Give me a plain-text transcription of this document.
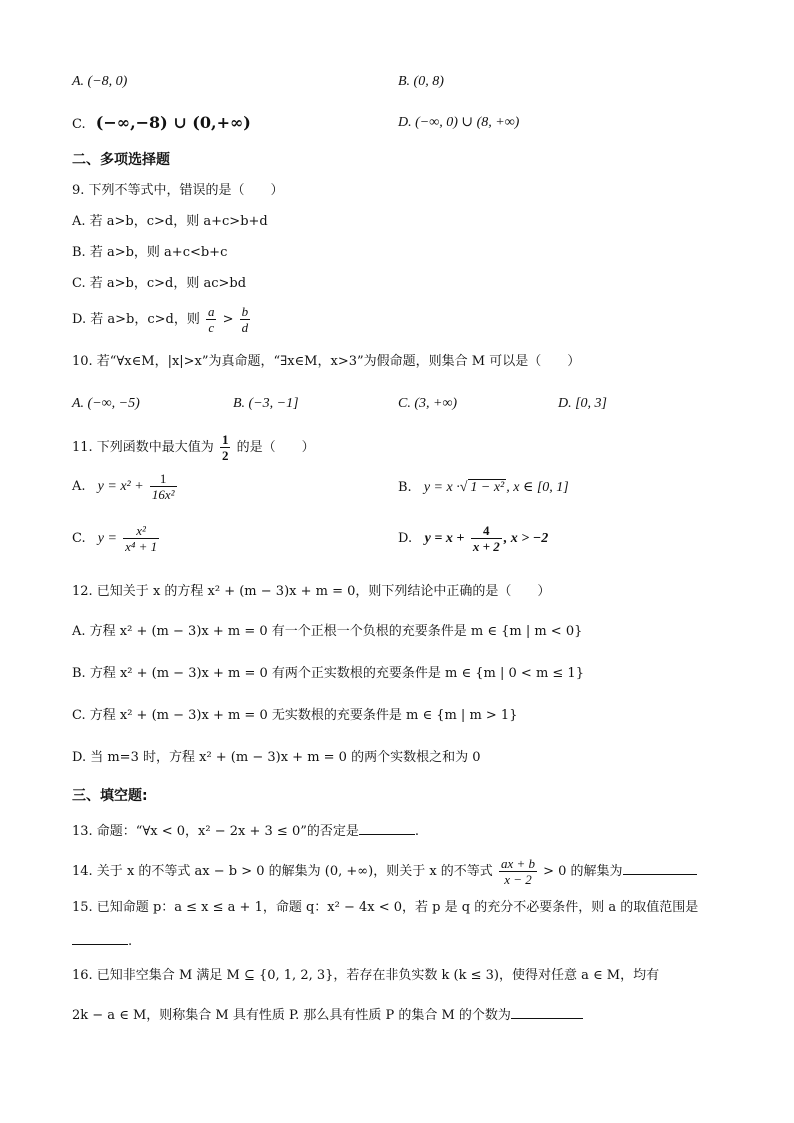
A. (−8, 0)	B. (0, 8)
C. (−∞,−8) ∪ (0,+∞)	D. (−∞, 0) ∪ (8, +∞)
二、多项选择题
9. 下列不等式中，错误的是（　　）
A. 若 a>b，c>d，则 a+c>b+d
B. 若 a>b，则 a+c<b+c
C. 若 a>b，c>d，则 ac>bd
D. 若 a>b，c>d，则 $\frac{a}{c} > \frac{b}{d}$
10. 若“∀x∈M，|x|>x”为真命题，“∃x∈M，x>3”为假命题，则集合 M 可以是（　　）
A. (−∞, −5)	B. (−3, −1]	C. (3, +∞)	D. [0, 3]
11. 下列函数中最大值为 $\frac{1}{2}$ 的是（　　）
A. $y = x^2 + \frac{1}{\text{16x²}}$	B. y = x ·√ 1 − x² , x ∈ [0, 1]
C. $y = \frac{\text{x²}}{\text{x⁴ + 1}}$	D. $y = x + \frac{4}{x + 2}$ , x > −2
12. 已知关于 x 的方程 x² + (m − 3)x + m = 0，则下列结论中正确的是（　　）
A. 方程 x² + (m − 3)x + m = 0 有一个正根一个负根的充要条件是 m ∈ {m | m < 0}
B. 方程 x² + (m − 3)x + m = 0 有两个正实数根的充要条件是 m ∈ {m | 0 < m ≤ 1}
C. 方程 x² + (m − 3)x + m = 0 无实数根的充要条件是 m ∈ {m | m > 1}
D. 当 m=3 时，方程 x² + (m − 3)x + m = 0 的两个实数根之和为 0
三、填空题:
13. 命题：“∀x < 0，x² − 2x + 3 ≤ 0”的否定是	.
14. 关于 x 的不等式 ax − b > 0 的解集为 (0, +∞)，则关于 x 的不等式 $\frac{ax + b}{x - 2} > 0$ 的解集为
15. 已知命题 p：a ≤ x ≤ a + 1，命题 q：x² − 4x < 0，若 p 是 q 的充分不必要条件，则 a 的取值范围是
.
16. 已知非空集合 M 满足 M ⊆ {0, 1, 2, 3}，若存在非负实数 k (k ≤ 3)，使得对任意 a ∈ M，均有
2k − a ∈ M，则称集合 M 具有性质 P. 那么具有性质 P 的集合 M 的个数为
